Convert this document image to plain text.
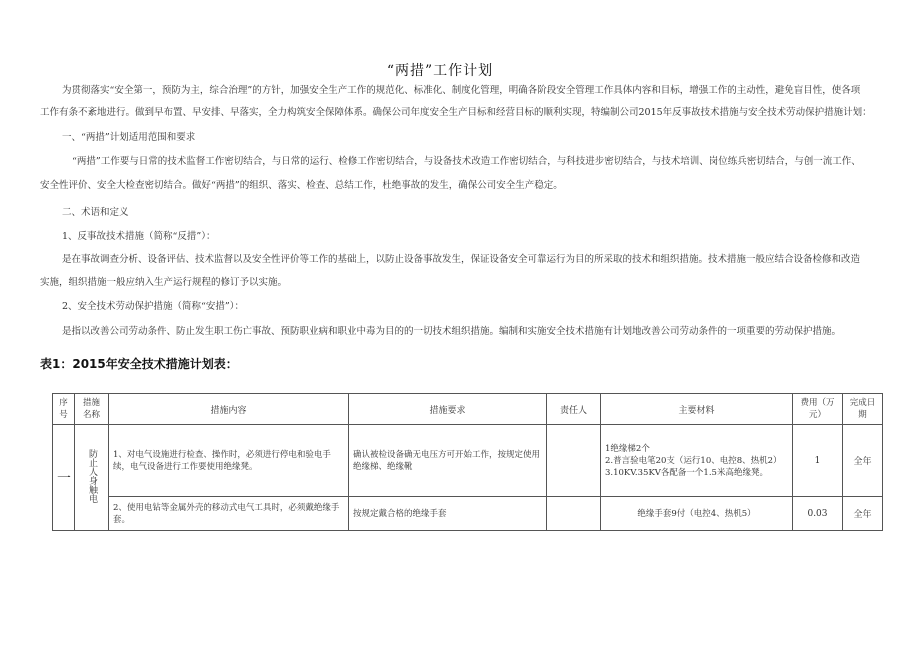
“两措”工作计划
为贯彻落实“安全第一，预防为主，综合治理”的方针，加强安全生产工作的规范化、标准化、制度化管理，明确各阶段安全管理工作具体内容和目标，增强工作的主动性，避免盲目性，使各项
工作有条不紊地进行。做到早布置、早安排、早落实，全力构筑安全保障体系。确保公司年度安全生产目标和经营目标的顺利实现，特编制公司2015年反事故技术措施与安全技术劳动保护措施计划：
一、“两措”计划适用范围和要求
“两措”工作要与日常的技术监督工作密切结合，与日常的运行、检修工作密切结合，与设备技术改造工作密切结合，与科技进步密切结合，与技术培训、岗位练兵密切结合，与创一流工作、
安全性评价、安全大检查密切结合。做好“两措”的组织、落实、检查、总结工作，杜绝事故的发生，确保公司安全生产稳定。
二、术语和定义
1、反事故技术措施（简称“反措”）：
是在事故调查分析、设备评估、技术监督以及安全性评价等工作的基础上，以防止设备事故发生，保证设备安全可靠运行为目的所采取的技术和组织措施。技术措施一般应结合设备检修和改造
实施，组织措施一般应纳入生产运行规程的修订予以实施。
2、安全技术劳动保护措施（简称“安措”）：
是指以改善公司劳动条件、防止发生职工伤亡事故、预防职业病和职业中毒为目的的一切技术组织措施。编制和实施安全技术措施有计划地改善公司劳动条件的一项重要的劳动保护措施。
表1：2015年安全技术措施计划表：
序号	措施名称	措施内容	措施要求	责任人	主要材料	费用（万元）	完成日期
一	防止人身触电	1、对电气设施进行检查、操作时，必须进行停电和验电手续，电气设备进行工作要使用绝缘凳。	确认被检设备确无电压方可开始工作，按规定使用绝缘梯、绝缘靴		1绝缘梯2个
2.普言验电笔20支（运行10、电控8、热机2）
3.10KV.35KV各配备一个1.5米高绝缘凳。	1	全年
		2、使用电钻等金属外壳的移动式电气工具时，必须戴绝缘手套。	按规定戴合格的绝缘手套		绝缘手套9付（电控4、热机5）	0.03	全年
